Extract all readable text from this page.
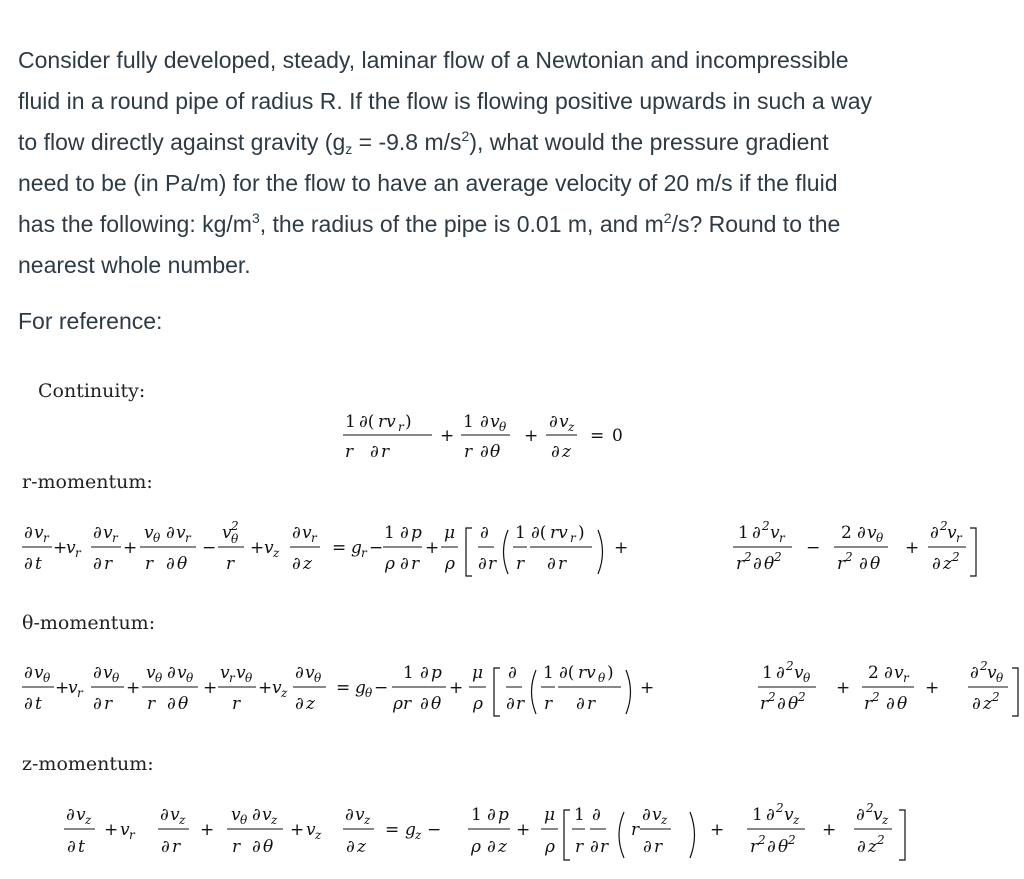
Consider fully developed, steady, laminar flow of a Newtonian and incompressible

fluid in a round pipe of radius R. If the flow is flowing positive upwards in such a way

to flow directly against gravity ($g_z = -9.8$ $m/s^2$), what would the pressure gradient

need to be (in Pa/m) for the flow to have an average velocity of 20 m/s if the fluid

has the following: $kg/m^3$, the radius of the pipe is 0.01 m, and $m^2/s$? Round to the

nearest whole number.

For reference:

Continuity:

1 ∂( rv r )
r ∂ r
+
1 ∂ v θ
r ∂ θ
+
∂ v z
∂ z
= 0

r-momentum:

∂ v r
∂ t
+
v r
∂ v r
∂ r
+
v θ ∂ v r
r ∂ θ
−
v 2
θ
r
+ v z
∂ v r
∂ z
= g r −
1 ∂ p
ρ ∂ r
+
μ
ρ
∂
∂ r
1
r
∂( rv r )
∂ r
+
1 ∂ 2 v r
r 2 ∂ θ 2 −
2 ∂ v θ
r 2 ∂ θ
+
∂ 2 v r
∂ z 2

θ-momentum:

∂ v θ
∂ t
+
v r
∂ v θ
∂ r
+
v θ ∂ v θ
r ∂ θ
+
v r v θ
r
+ v z
∂ v θ
∂ z
= g θ −
1 ∂ p
ρr ∂ θ
+
μ
ρ
∂
∂ r
1
r
∂( rv θ )
∂ r
+
1 ∂ 2 v θ
r 2 ∂ θ 2 +
2 ∂ v r
r 2 ∂ θ
+
∂ 2 v θ
∂ z 2

z-momentum:

∂ v z
∂ t
+ v r
∂ v z
∂ r
+
v θ ∂ v z
r ∂ θ
+ v z
∂ v z
∂ z
= g z −
1 ∂ p
ρ ∂ z
+
μ
ρ
1
r
∂
∂ r
r
∂ v z
∂ r
+
1 ∂ 2 v z
r 2 ∂ θ 2 +
∂ 2 v z
∂ z 2
